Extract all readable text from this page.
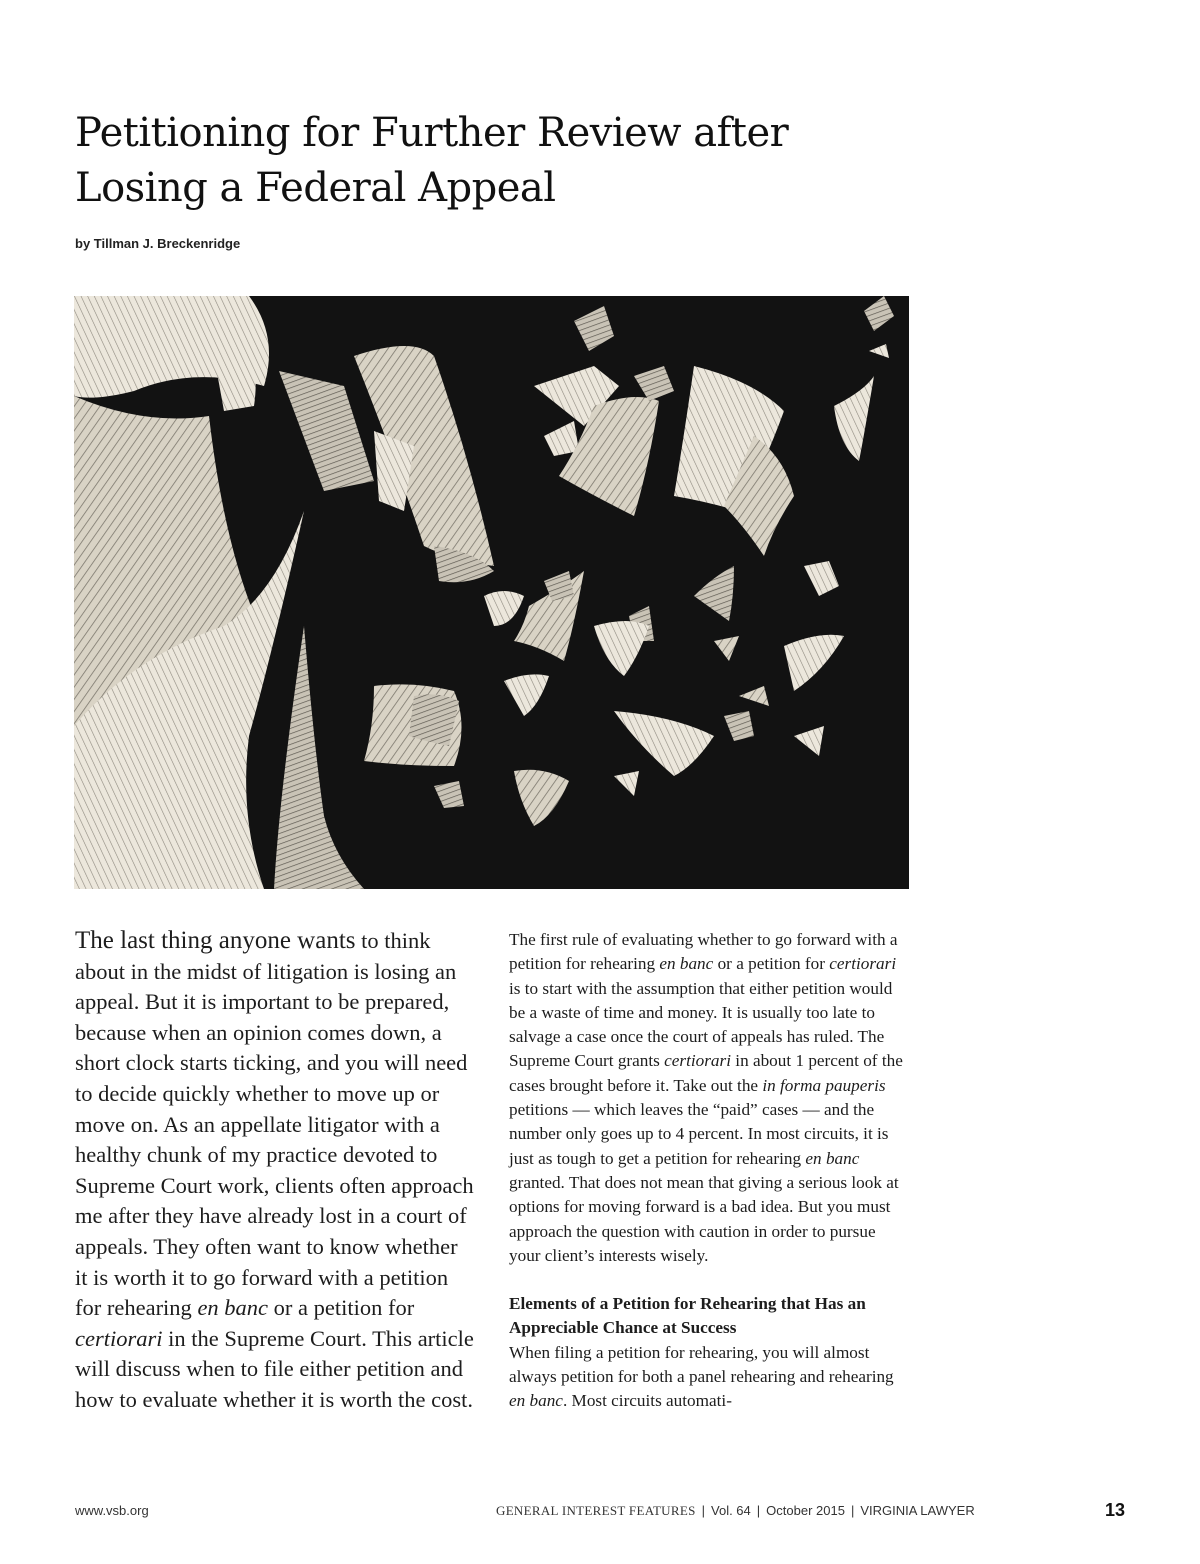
Petitioning for Further Review after
Losing a Federal Appeal
by Tillman J. Breckenridge
The last thing anyone wants to think about in the midst of litigation is losing an appeal. But it is important to be prepared, because when an opinion comes down, a short clock starts ticking, and you will need to decide quickly whether to move up or move on. As an appellate litigator with a healthy chunk of my practice devoted to Supreme Court work, clients often approach me after they have already lost in a court of appeals. They often want to know whether it is worth it to go forward with a petition for rehearing en banc or a petition for certiorari in the Supreme Court. This article will discuss when to file either petition and how to evaluate whether it is worth the cost.

The first rule of evaluating whether to go forward with a petition for rehearing en banc or a petition for certiorari is to start with the assumption that either petition would be a waste of time and money. It is usually too late to salvage a case once the court of appeals has ruled. The Supreme Court grants certiorari in about 1 percent of the cases brought before it. Take out the in forma pauperis petitions — which leaves the “paid” cases — and the number only goes up to 4 percent. In most circuits, it is just as tough to get a petition for rehearing en banc granted. That does not mean that giving a serious look at options for moving forward is a bad idea. But you must approach the question with caution in order to pursue your client’s interests wisely.

Elements of a Petition for Rehearing that Has an Appreciable Chance at Success

When filing a petition for rehearing, you will almost always petition for both a panel rehearing and rehearing en banc. Most circuits automati-

www.vsb.org	GENERAL INTEREST FEATURES | Vol. 64 | October 2015 | VIRGINIA LAWYER	13
